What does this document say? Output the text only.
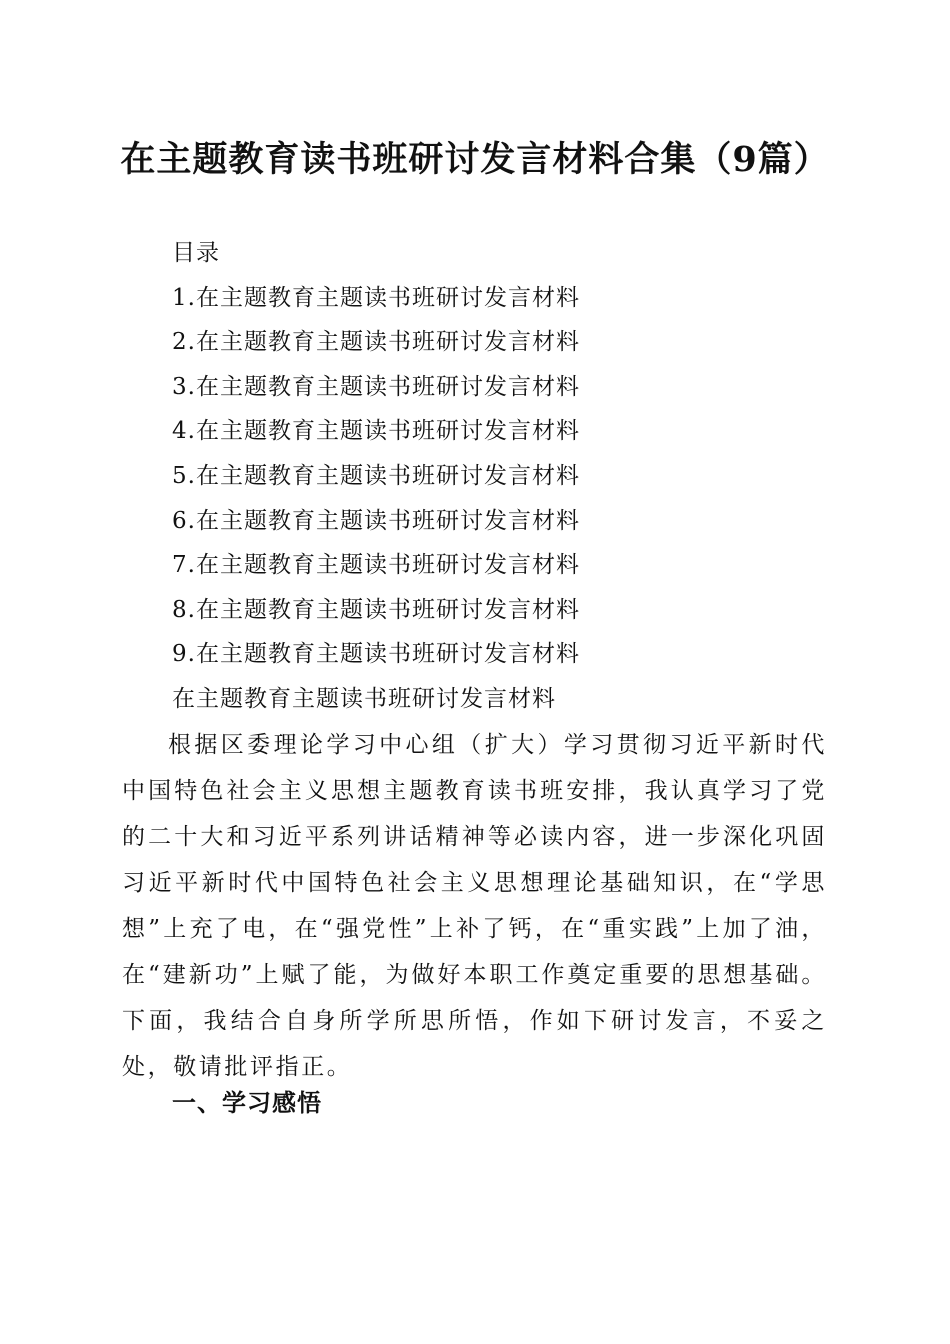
在主题教育读书班研讨发言材料合集（9篇）
目录
1.在主题教育主题读书班研讨发言材料
2.在主题教育主题读书班研讨发言材料
3.在主题教育主题读书班研讨发言材料
4.在主题教育主题读书班研讨发言材料
5.在主题教育主题读书班研讨发言材料
6.在主题教育主题读书班研讨发言材料
7.在主题教育主题读书班研讨发言材料
8.在主题教育主题读书班研讨发言材料
9.在主题教育主题读书班研讨发言材料
在主题教育主题读书班研讨发言材料

根据区委理论学习中心组（扩大）学习贯彻习近平新时代中国特色社会主义思想主题教育读书班安排，我认真学习了党的二十大和习近平系列讲话精神等必读内容，进一步深化巩固习近平新时代中国特色社会主义思想理论基础知识，在“学思想”上充了电，在“强党性”上补了钙，在“重实践”上加了油，在“建新功”上赋了能，为做好本职工作奠定重要的思想基础。下面，我结合自身所学所思所悟，作如下研讨发言，不妥之处，敬请批评指正。

一、学习感悟
